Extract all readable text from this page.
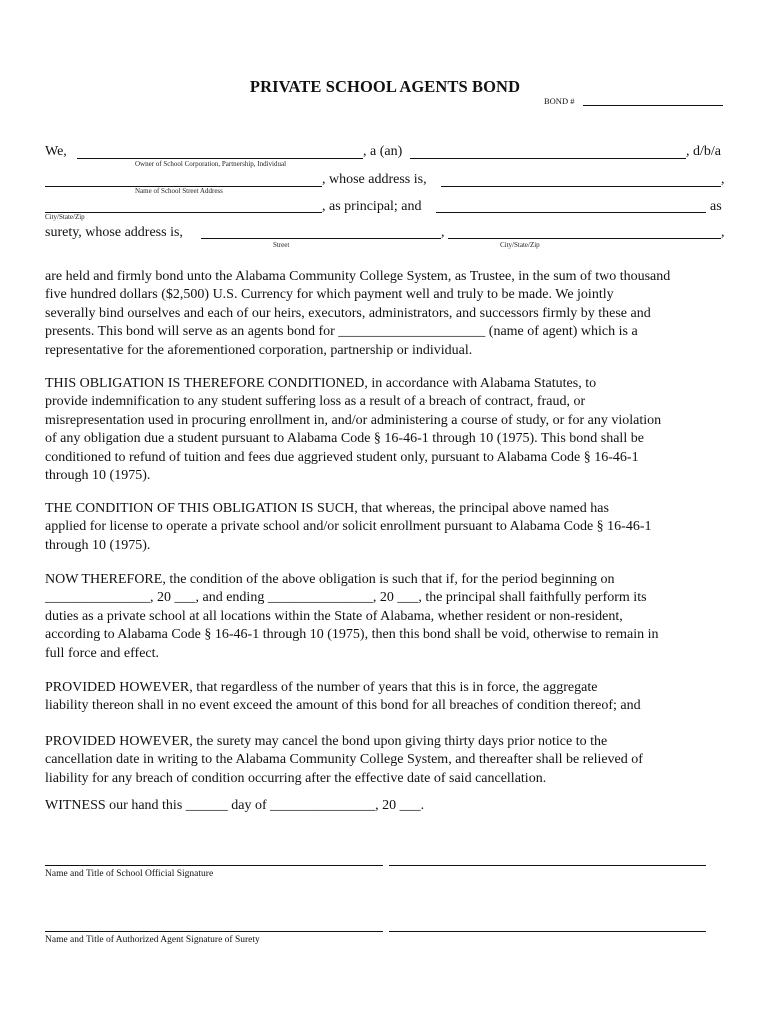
PRIVATE SCHOOL AGENTS BOND
BOND #
We,	, a (an)	, d/b/a
Owner of School Corporation, Partnership, Individual
, whose address is,	,
Name of School Street Address
, as principal; and	as
City/State/Zip
surety, whose address is,	,	,
Street	City/State/Zip
are held and firmly bond unto the Alabama Community College System, as Trustee, in the sum of two thousand
five hundred dollars ($2,500) U.S. Currency for which payment well and truly to be made. We jointly
severally bind ourselves and each of our heirs, executors, administrators, and successors firmly by these and
presents. This bond will serve as an agents bond for _____________________ (name of agent) which is a
representative for the aforementioned corporation, partnership or individual.
THIS OBLIGATION IS THEREFORE CONDITIONED, in accordance with Alabama Statutes, to
provide indemnification to any student suffering loss as a result of a breach of contract, fraud, or
misrepresentation used in procuring enrollment in, and/or administering a course of study, or for any violation
of any obligation due a student pursuant to Alabama Code § 16-46-1 through 10 (1975). This bond shall be
conditioned to refund of tuition and fees due aggrieved student only, pursuant to Alabama Code § 16-46-1
through 10 (1975).
THE CONDITION OF THIS OBLIGATION IS SUCH, that whereas, the principal above named has
applied for license to operate a private school and/or solicit enrollment pursuant to Alabama Code § 16-46-1
through 10 (1975).
NOW THEREFORE, the condition of the above obligation is such that if, for the period beginning on
_______________, 20 ___, and ending _______________, 20 ___, the principal shall faithfully perform its
duties as a private school at all locations within the State of Alabama, whether resident or non-resident,
according to Alabama Code § 16-46-1 through 10 (1975), then this bond shall be void, otherwise to remain in
full force and effect.
PROVIDED HOWEVER, that regardless of the number of years that this is in force, the aggregate
liability thereon shall in no event exceed the amount of this bond for all breaches of condition thereof; and
PROVIDED HOWEVER, the surety may cancel the bond upon giving thirty days prior notice to the
cancellation date in writing to the Alabama Community College System, and thereafter shall be relieved of
liability for any breach of condition occurring after the effective date of said cancellation.
WITNESS our hand this ______ day of _______________, 20 ___.
Name and Title of School Official Signature
Name and Title of Authorized Agent Signature of Surety
